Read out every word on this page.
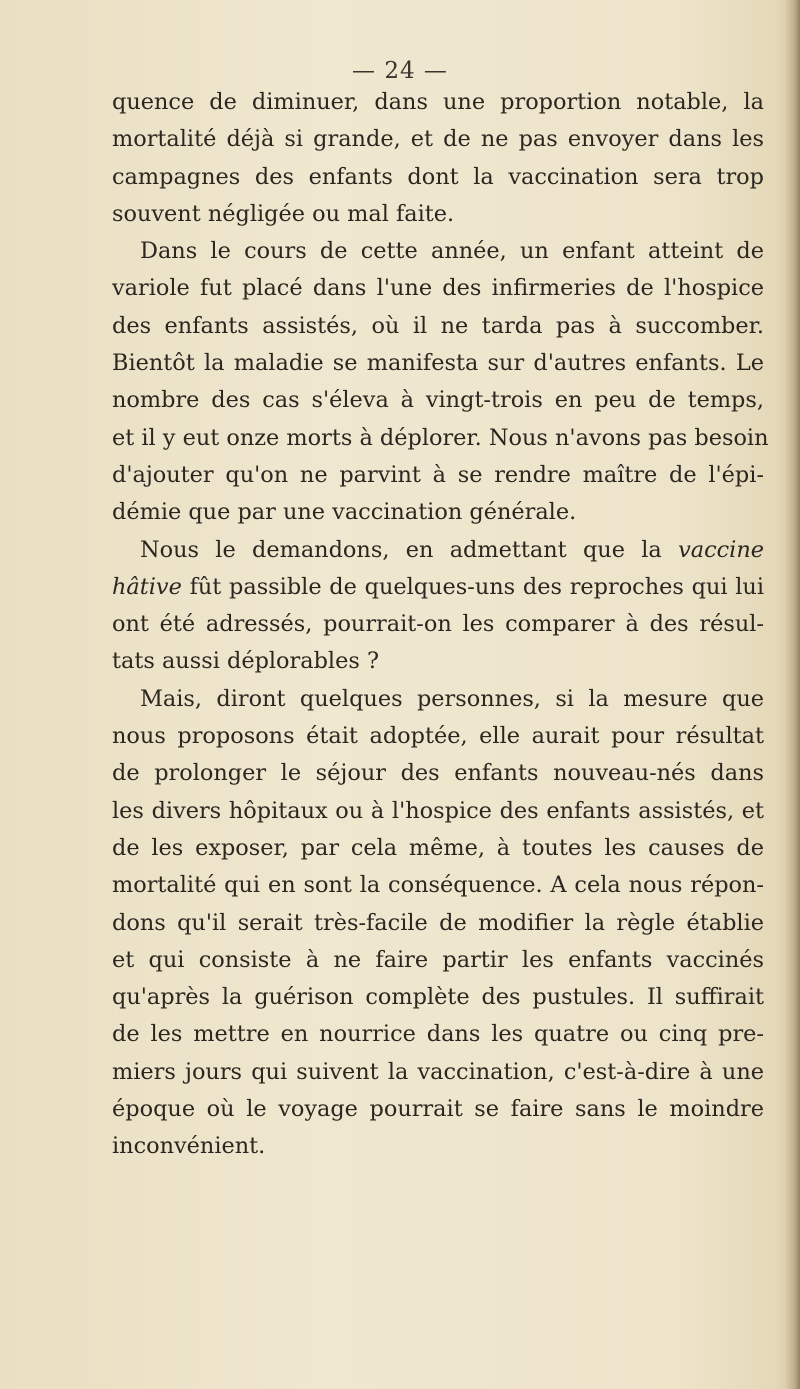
— 24 —

quence de diminuer, dans une proportion notable, la
mortalité déjà si grande, et de ne pas envoyer dans les
campagnes des enfants dont la vaccination sera trop
souvent négligée ou mal faite.

Dans le cours de cette année, un enfant atteint de
variole fut placé dans l'une des infirmeries de l'hospice
des enfants assistés, où il ne tarda pas à succomber.
Bientôt la maladie se manifesta sur d'autres enfants. Le
nombre des cas s'éleva à vingt-trois en peu de temps,
et il y eut onze morts à déplorer. Nous n'avons pas besoin
d'ajouter qu'on ne parvint à se rendre maître de l'épi-
démie que par une vaccination générale.

Nous le demandons, en admettant que la vaccine
hâtive fût passible de quelques-uns des reproches qui lui
ont été adressés, pourrait-on les comparer à des résul-
tats aussi déplorables ?

Mais, diront quelques personnes, si la mesure que
nous proposons était adoptée, elle aurait pour résultat
de prolonger le séjour des enfants nouveau-nés dans
les divers hôpitaux ou à l'hospice des enfants assistés, et
de les exposer, par cela même, à toutes les causes de
mortalité qui en sont la conséquence. A cela nous répon-
dons qu'il serait très-facile de modifier la règle établie
et qui consiste à ne faire partir les enfants vaccinés
qu'après la guérison complète des pustules. Il suffirait
de les mettre en nourrice dans les quatre ou cinq pre-
miers jours qui suivent la vaccination, c'est-à-dire à une
époque où le voyage pourrait se faire sans le moindre
inconvénient.
